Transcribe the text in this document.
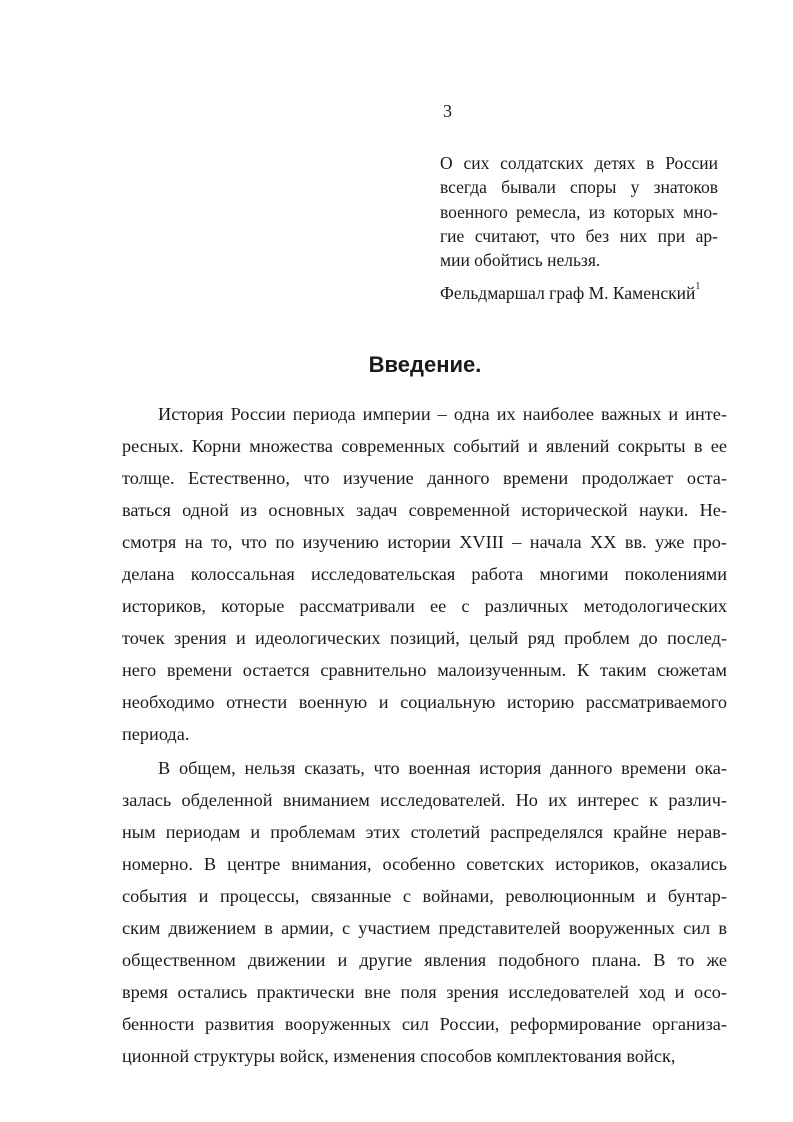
3
О сих солдатских детях в России
всегда бывали споры у знатоков
военного ремесла, из которых мно-
гие считают, что без них при ар-
мии обойтись нельзя.
Фельдмаршал граф М. Каменский$^1$
Введение.
История России периода империи – одна их наиболее важных и инте-
ресных. Корни множества современных событий и явлений сокрыты в ее
толще. Естественно, что изучение данного времени продолжает оста-
ваться одной из основных задач современной исторической науки. Не-
смотря на то, что по изучению истории XVIII – начала XX вв. уже про-
делана колоссальная исследовательская работа многими поколениями
историков, которые рассматривали ее с различных методологических
точек зрения и идеологических позиций, целый ряд проблем до послед-
него времени остается сравнительно малоизученным. К таким сюжетам
необходимо отнести военную и социальную историю рассматриваемого
периода.
В общем, нельзя сказать, что военная история данного времени ока-
залась обделенной вниманием исследователей. Но их интерес к различ-
ным периодам и проблемам этих столетий распределялся крайне нерав-
номерно. В центре внимания, особенно советских историков, оказались
события и процессы, связанные с войнами, революционным и бунтар-
ским движением в армии, с участием представителей вооруженных сил в
общественном движении и другие явления подобного плана. В то же
время остались практически вне поля зрения исследователей ход и осо-
бенности развития вооруженных сил России, реформирование организа-
ционной структуры войск, изменения способов комплектования войск,
